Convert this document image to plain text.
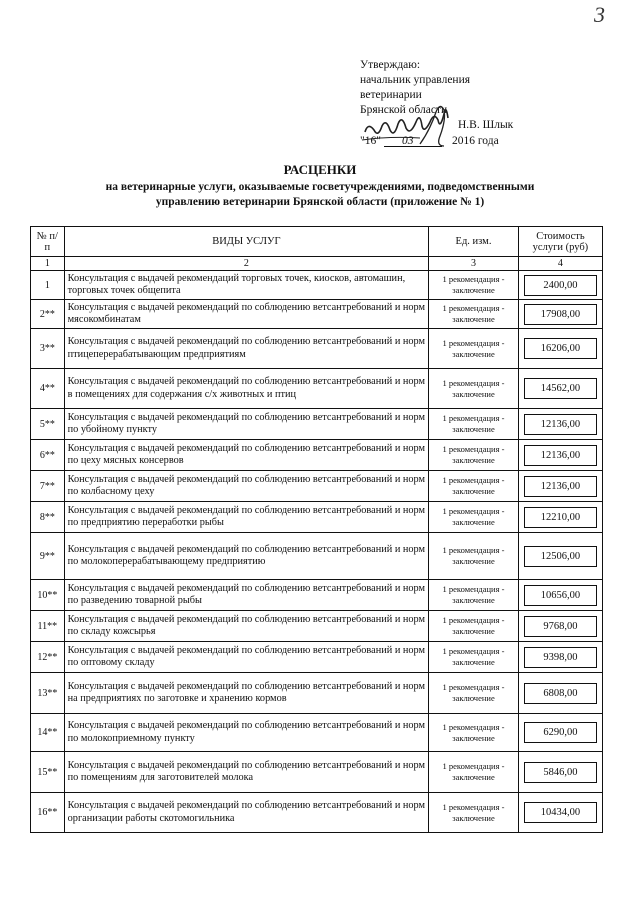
3
Утверждаю:
начальник управления
ветеринарии
Брянской области
Н.В. Шлык
"16" 03	2016 года
РАСЦЕНКИ
на ветеринарные услуги, оказываемые госветучреждениями, подведомственными
управлению ветеринарии Брянской области (приложение № 1)
№ п/п	ВИДЫ УСЛУГ	Ед. изм.	Стоимость услуги (руб)
1	2	3	4
1	Консультация с выдачей рекомендаций торговых точек, киосков, автомашин, торговых точек общепита	1 рекомендация - заключение	2400,00

2**	Консультация с выдачей рекомендаций по соблюдению ветсантребований и норм мясокомбинатам	1 рекомендация - заключение	17908,00

3**	Консультация с выдачей рекомендаций по соблюдению ветсантребований и норм птицеперерабатывающим предприятиям	1 рекомендация - заключение	16206,00

4**	Консультация с выдачей рекомендаций по соблюдению ветсантребований и норм в помещениях для содержания с/х животных и птиц	1 рекомендация - заключение	14562,00

5**	Консультация с выдачей рекомендаций по соблюдению ветсантребований и норм по убойному пункту	1 рекомендация - заключение	12136,00

6**	Консультация с выдачей рекомендаций по соблюдению ветсантребований и норм по цеху мясных консервов	1 рекомендация - заключение	12136,00

7**	Консультация с выдачей рекомендаций по соблюдению ветсантребований и норм по колбасному цеху	1 рекомендация - заключение	12136,00

8**	Консультация с выдачей рекомендаций по соблюдению ветсантребований и норм по предприятию переработки рыбы	1 рекомендация - заключение	12210,00

9**	Консультация с выдачей рекомендаций по соблюдению ветсантребований и норм по молокоперерабатывающему предприятию	1 рекомендация - заключение	12506,00

10**	Консультация с выдачей рекомендаций по соблюдению ветсантребований и норм по разведению товарной рыбы	1 рекомендация - заключение	10656,00

11**	Консультация с выдачей рекомендаций по соблюдению ветсантребований и норм по складу кожсырья	1 рекомендация - заключение	9768,00

12**	Консультация с выдачей рекомендаций по соблюдению ветсантребований и норм по оптовому складу	1 рекомендация - заключение	9398,00

13**	Консультация с выдачей рекомендаций по соблюдению ветсантребований и норм на предприятиях по заготовке и хранению кормов	1 рекомендация - заключение	6808,00

14**	Консультация с выдачей рекомендаций по соблюдению ветсантребований и норм по молокоприемному пункту	1 рекомендация - заключение	6290,00

15**	Консультация с выдачей рекомендаций по соблюдению ветсантребований и норм по помещениям для заготовителей молока	1 рекомендация - заключение	5846,00

16**	Консультация с выдачей рекомендаций по соблюдению ветсантребований и норм организации работы скотомогильника	1 рекомендация - заключение	10434,00
